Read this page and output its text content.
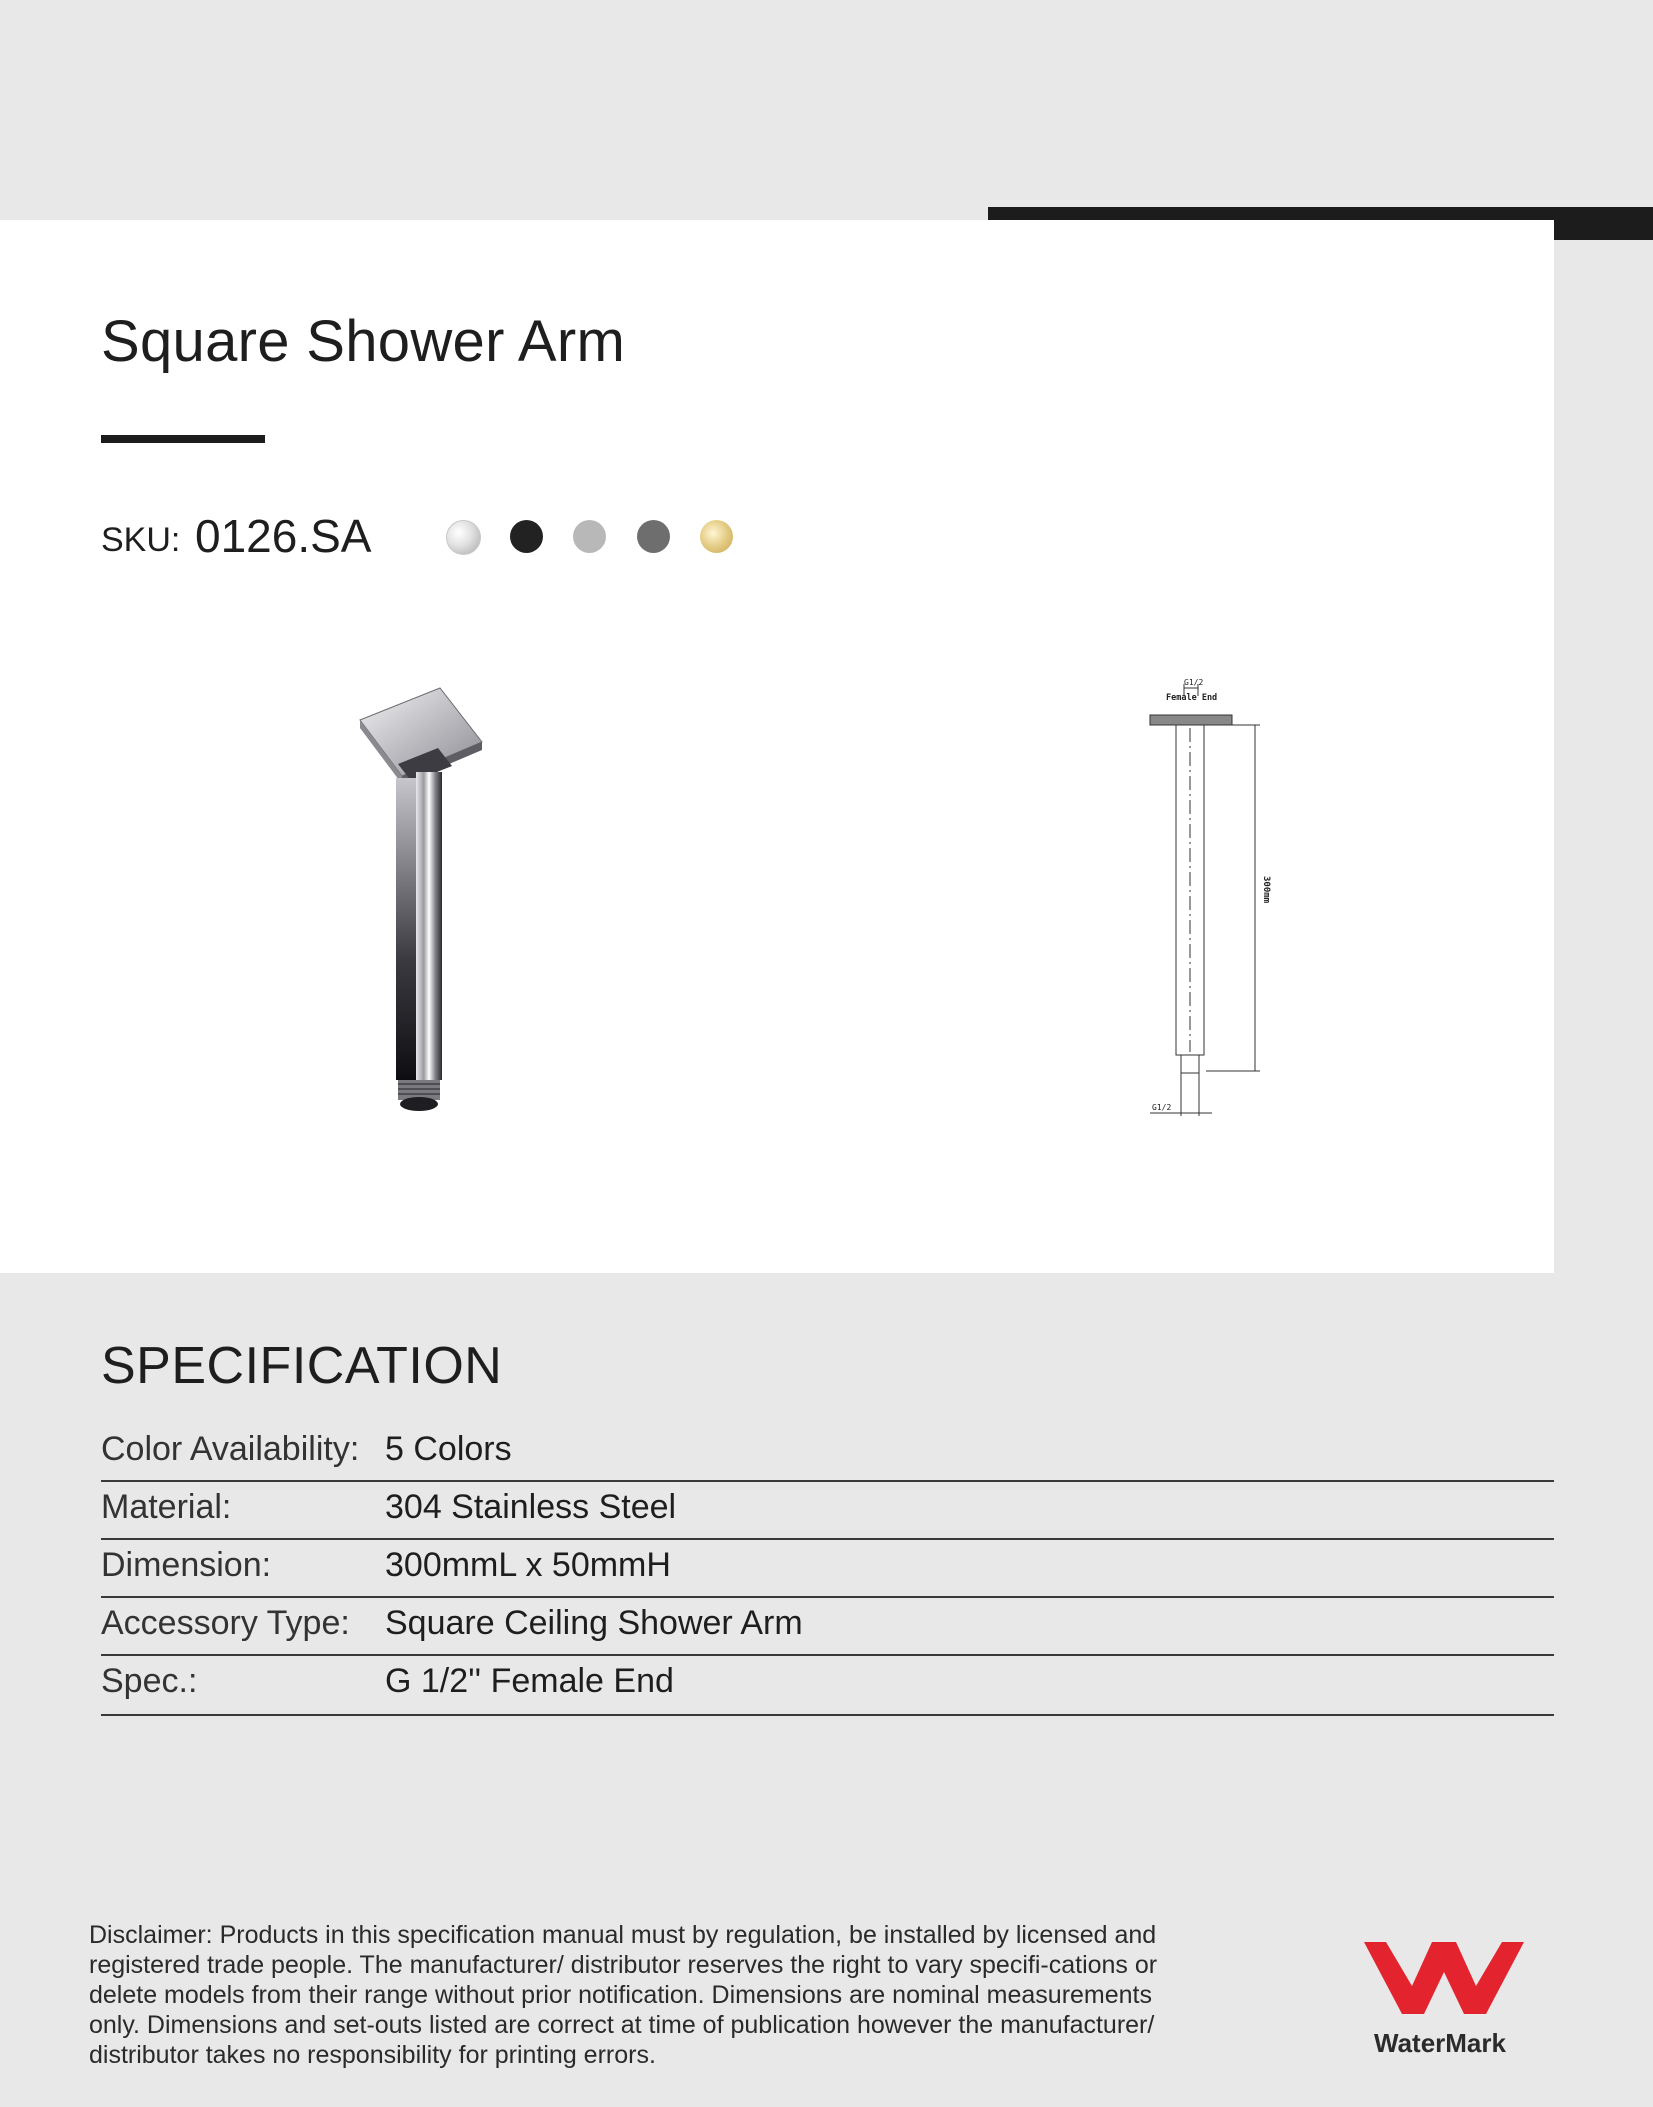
Square Shower Arm
SKU: 0126.SA
G1/2
Female End
300mm
G1/2
SPECIFICATION
Color Availability: 5 Colors
Material:	304 Stainless Steel
Dimension:	300mmL x 50mmH
Accessory Type: Square Ceiling Shower Arm
Spec.:	G 1/2'' Female End

Disclaimer: Products in this specification manual must by regulation, be installed by licensed and registered trade people. The manufacturer/ distributor reserves the right to vary specifi-cations or delete models from their range without prior notification. Dimensions are nominal measurements only. Dimensions and set-outs listed are correct at time of publication however the manufacturer/ distributor takes no responsibility for printing errors.	WaterMark
